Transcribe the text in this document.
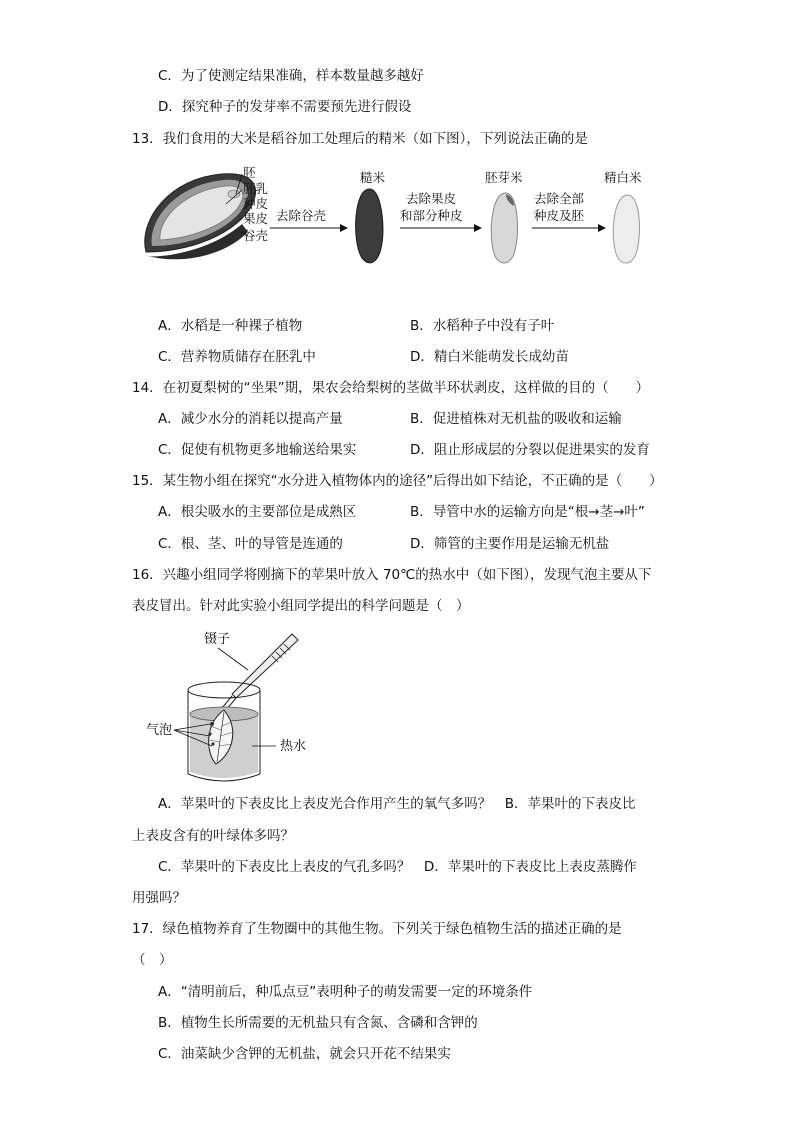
C．为了使测定结果准确，样本数量越多越好
D．探究种子的发芽率不需要预先进行假设
13．我们食用的大米是稻谷加工处理后的精米（如下图），下列说法正确的是
胚
胚乳
种皮
果皮
谷壳
去除谷壳
糙米
去除果皮
和部分种皮
胚芽米
去除全部
种皮及胚
精白米
A．水稻是一种裸子植物	B．水稻种子中没有子叶
C．营养物质储存在胚乳中	D．精白米能萌发长成幼苗
14．在初夏梨树的“坐果”期，果农会给梨树的茎做半环状剥皮，这样做的目的（　　）
A．减少水分的消耗以提高产量	B．促进植株对无机盐的吸收和运输
C．促使有机物更多地输送给果实	D．阻止形成层的分裂以促进果实的发育
15．某生物小组在探究“水分进入植物体内的途径”后得出如下结论，不正确的是（　　）
A．根尖吸水的主要部位是成熟区	B．导管中水的运输方向是“根→茎→叶”
C．根、茎、叶的导管是连通的	D．筛管的主要作用是运输无机盐
16．兴趣小组同学将刚摘下的苹果叶放入 70℃的热水中（如下图），发现气泡主要从下
表皮冒出。针对此实验小组同学提出的科学问题是（　）
镊子
气泡
热水
A．苹果叶的下表皮比上表皮光合作用产生的氧气多吗？　B．苹果叶的下表皮比
上表皮含有的叶绿体多吗？
C．苹果叶的下表皮比上表皮的气孔多吗？　D．苹果叶的下表皮比上表皮蒸腾作
用强吗？
17．绿色植物养育了生物圈中的其他生物。下列关于绿色植物生活的描述正确的是
（　）
A．“清明前后，种瓜点豆”表明种子的萌发需要一定的环境条件
B．植物生长所需要的无机盐只有含氮、含磷和含钾的
C．油菜缺少含钾的无机盐，就会只开花不结果实
